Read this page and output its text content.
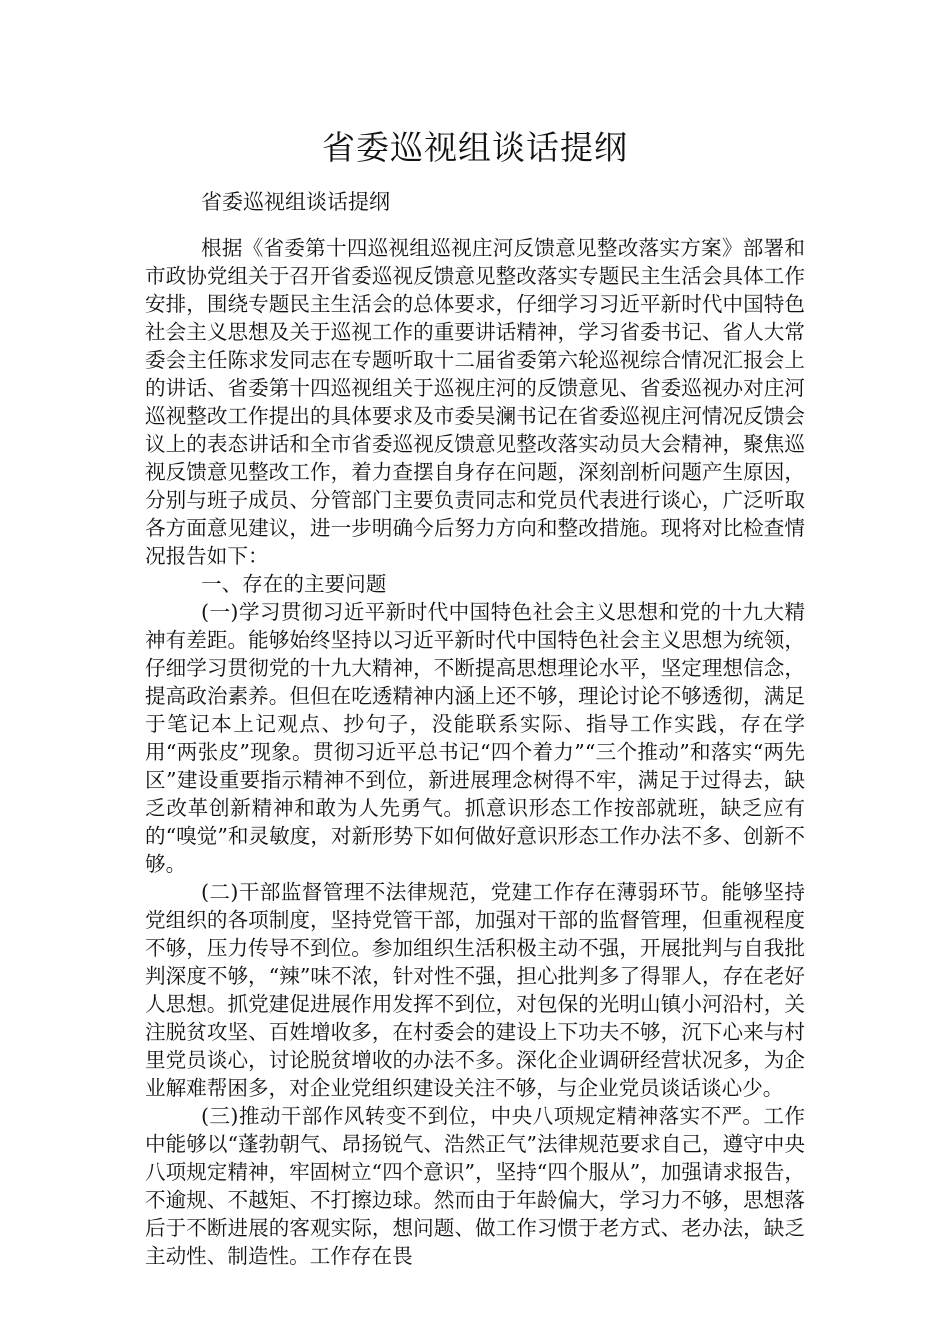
省委巡视组谈话提纲
省委巡视组谈话提纲

根据《省委第十四巡视组巡视庄河反馈意见整改落实方案》部署和市政协党组关于召开省委巡视反馈意见整改落实专题民主生活会具体工作安排，围绕专题民主生活会的总体要求，仔细学习习近平新时代中国特色社会主义思想及关于巡视工作的重要讲话精神，学习省委书记、省人大常委会主任陈求发同志在专题听取十二届省委第六轮巡视综合情况汇报会上的讲话、省委第十四巡视组关于巡视庄河的反馈意见、省委巡视办对庄河巡视整改工作提出的具体要求及市委吴澜书记在省委巡视庄河情况反馈会议上的表态讲话和全市省委巡视反馈意见整改落实动员大会精神，聚焦巡视反馈意见整改工作，着力查摆自身存在问题，深刻剖析问题产生原因，分别与班子成员、分管部门主要负责同志和党员代表进行谈心，广泛听取各方面意见建议，进一步明确今后努力方向和整改措施。现将对比检查情况报告如下：

一、存在的主要问题

(一)学习贯彻习近平新时代中国特色社会主义思想和党的十九大精神有差距。能够始终坚持以习近平新时代中国特色社会主义思想为统领，仔细学习贯彻党的十九大精神，不断提高思想理论水平，坚定理想信念，提高政治素养。但但在吃透精神内涵上还不够，理论讨论不够透彻，满足于笔记本上记观点、抄句子，没能联系实际、指导工作实践，存在学用“两张皮”现象。贯彻习近平总书记“四个着力”“三个推动”和落实“两先区”建设重要指示精神不到位，新进展理念树得不牢，满足于过得去，缺乏改革创新精神和敢为人先勇气。抓意识形态工作按部就班，缺乏应有的“嗅觉”和灵敏度，对新形势下如何做好意识形态工作办法不多、创新不够。

(二)干部监督管理不法律规范，党建工作存在薄弱环节。能够坚持党组织的各项制度，坚持党管干部，加强对干部的监督管理，但重视程度不够，压力传导不到位。参加组织生活积极主动不强，开展批判与自我批判深度不够，“辣”味不浓，针对性不强，担心批判多了得罪人，存在老好人思想。抓党建促进展作用发挥不到位，对包保的光明山镇小河沿村，关注脱贫攻坚、百姓增收多，在村委会的建设上下功夫不够，沉下心来与村里党员谈心，讨论脱贫增收的办法不多。深化企业调研经营状况多，为企业解难帮困多，对企业党组织建设关注不够，与企业党员谈话谈心少。

(三)推动干部作风转变不到位，中央八项规定精神落实不严。工作中能够以“蓬勃朝气、昂扬锐气、浩然正气”法律规范要求自己，遵守中央八项规定精神，牢固树立“四个意识”，坚持“四个服从”，加强请求报告，不逾规、不越矩、不打擦边球。然而由于年龄偏大，学习力不够，思想落后于不断进展的客观实际，想问题、做工作习惯于老方式、老办法，缺乏主动性、制造性。工作存在畏
